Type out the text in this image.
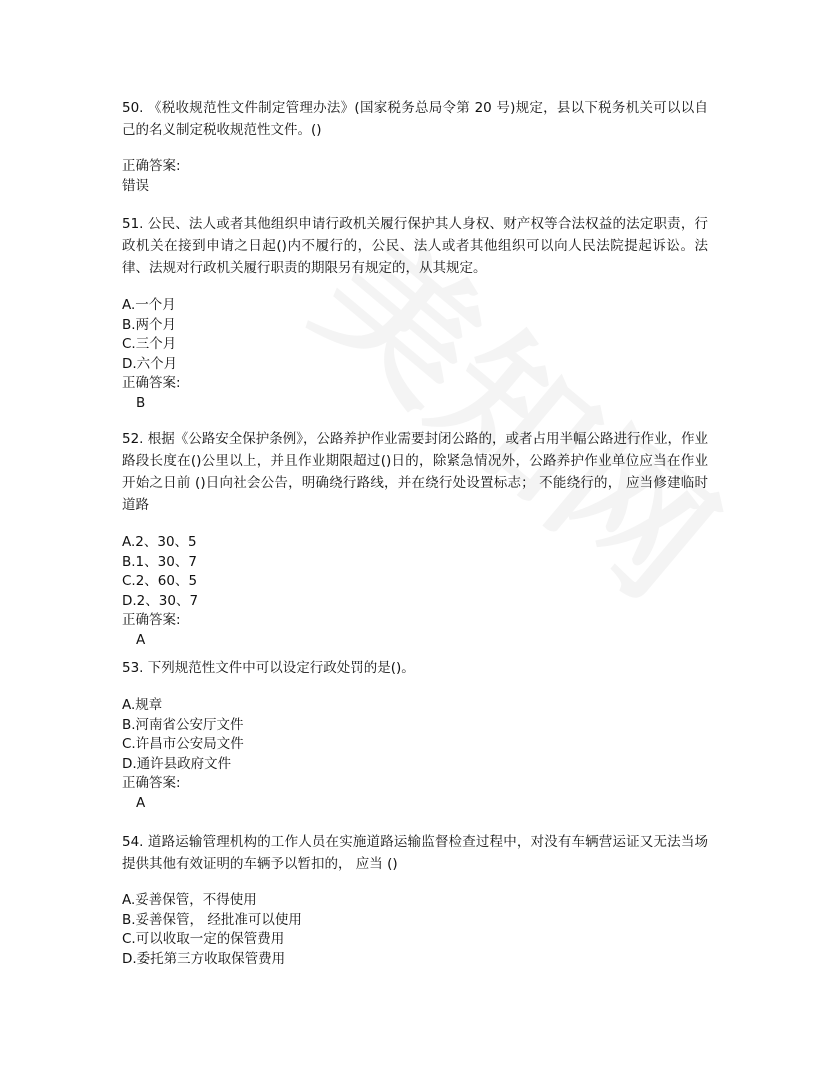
50. 《税收规范性文件制定管理办法》(国家税务总局令第 20 号)规定，县以下税务机关可以以自己的名义制定税收规范性文件。()

正确答案:
错误

51. 公民、法人或者其他组织申请行政机关履行保护其人身权、财产权等合法权益的法定职责，行政机关在接到申请之日起()内不履行的，公民、法人或者其他组织可以向人民法院提起诉讼。法律、法规对行政机关履行职责的期限另有规定的，从其规定。

A.一个月
B.两个月
C.三个月
D.六个月
正确答案:
B

52. 根据《公路安全保护条例》，公路养护作业需要封闭公路的，或者占用半幅公路进行作业，作业路段长度在()公里以上，并且作业期限超过()日的，除紧急情况外，公路养护作业单位应当在作业开始之日前 ()日向社会公告，明确绕行路线，并在绕行处设置标志； 不能绕行的， 应当修建临时道路

A.2、30、5
B.1、30、7
C.2、60、5
D.2、30、7
正确答案:
A

53. 下列规范性文件中可以设定行政处罚的是()。

A.规章
B.河南省公安厅文件
C.许昌市公安局文件
D.通许县政府文件
正确答案:
A

54. 道路运输管理机构的工作人员在实施道路运输监督检查过程中，对没有车辆营运证又无法当场提供其他有效证明的车辆予以暂扣的， 应当 ()

A.妥善保管，不得使用
B.妥善保管， 经批准可以使用
C.可以收取一定的保管费用
D.委托第三方收取保管费用
